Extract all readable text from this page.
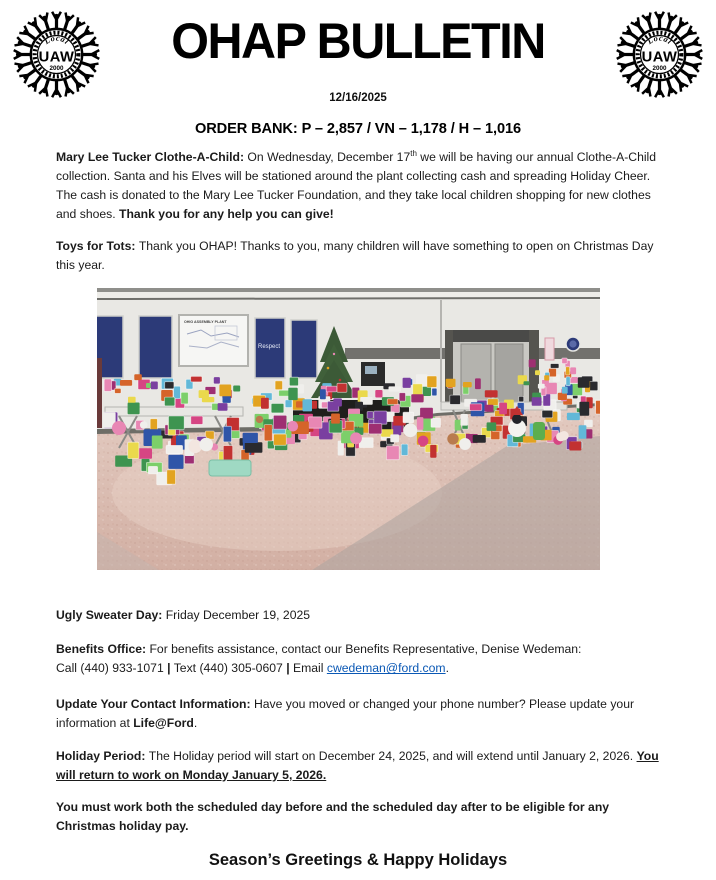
Local
UAW
2000
Local
UAW
2000
OHAP BULLETIN
12/16/2025
ORDER BANK: P – 2,857 / VN – 1,178 / H – 1,016

Mary Lee Tucker Clothe-A-Child: On Wednesday, December 17th we will be having our annual Clothe-A-Child collection. Santa and his Elves will be stationed around the plant collecting cash and spreading Holiday Cheer. The cash is donated to the Mary Lee Tucker Foundation, and they take local children shopping for new clothes and shoes. Thank you for any help you can give!

Toys for Tots: Thank you OHAP! Thanks to you, many children will have something to open on Christmas Day this year.

OHIO ASSEMBLY PLANT
Respect

Ugly Sweater Day: Friday December 19, 2025

Benefits Office: For benefits assistance, contact our Benefits Representative, Denise Wedeman:
Call (440) 933-1071 | Text (440) 305-0607 | Email cwedeman@ford.com.

Update Your Contact Information: Have you moved or changed your phone number? Please update your information at Life@Ford.

Holiday Period: The Holiday period will start on December 24, 2025, and will extend until January 2, 2026. You will return to work on Monday January 5, 2026.

You must work both the scheduled day before and the scheduled day after to be eligible for any Christmas holiday pay.

Season’s Greetings & Happy Holidays
